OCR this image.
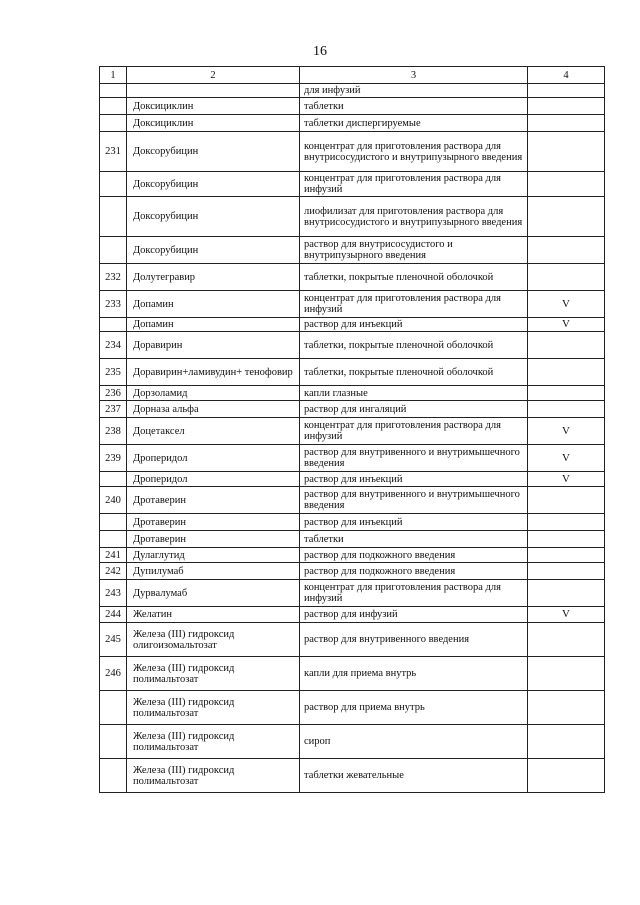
16
1	2	3	4
		для инфузий	
	Доксициклин	таблетки	
	Доксициклин	таблетки диспергируемые	
231	Доксорубицин	концентрат для приготовления раствора для внутрисосудистого и внутрипузырного введения	
	Доксорубицин	концентрат для приготовления раствора для инфузий	
	Доксорубицин	лиофилизат для приготовления раствора для внутрисосудистого и внутрипузырного введения	
	Доксорубицин	раствор для внутрисосудистого и внутрипузырного введения	
232	Долутегравир	таблетки, покрытые пленочной оболочкой	
233	Допамин	концентрат для приготовления раствора для инфузий	V
	Допамин	раствор для инъекций	V
234	Доравирин	таблетки, покрытые пленочной оболочкой	
235	Доравирин+ламивудин+ тенофовир	таблетки, покрытые пленочной оболочкой	
236	Дорзоламид	капли глазные	
237	Дорназа альфа	раствор для ингаляций	
238	Доцетаксел	концентрат для приготовления раствора для инфузий	V
239	Дроперидол	раствор для внутривенного и внутримышечного введения	V
	Дроперидол	раствор для инъекций	V
240	Дротаверин	раствор для внутривенного и внутримышечного введения	
	Дротаверин	раствор для инъекций	
	Дротаверин	таблетки	
241	Дулаглутид	раствор для подкожного введения	
242	Дупилумаб	раствор для подкожного введения	
243	Дурвалумаб	концентрат для приготовления раствора для инфузий	
244	Желатин	раствор для инфузий	V
245	Железа (III) гидроксид олигоизомальтозат	раствор для внутривенного введения	
246	Железа (III) гидроксид полимальтозат	капли для приема внутрь	
	Железа (III) гидроксид полимальтозат	раствор для приема внутрь	
	Железа (III) гидроксид полимальтозат	сироп	
	Железа (III) гидроксид полимальтозат	таблетки жевательные	
